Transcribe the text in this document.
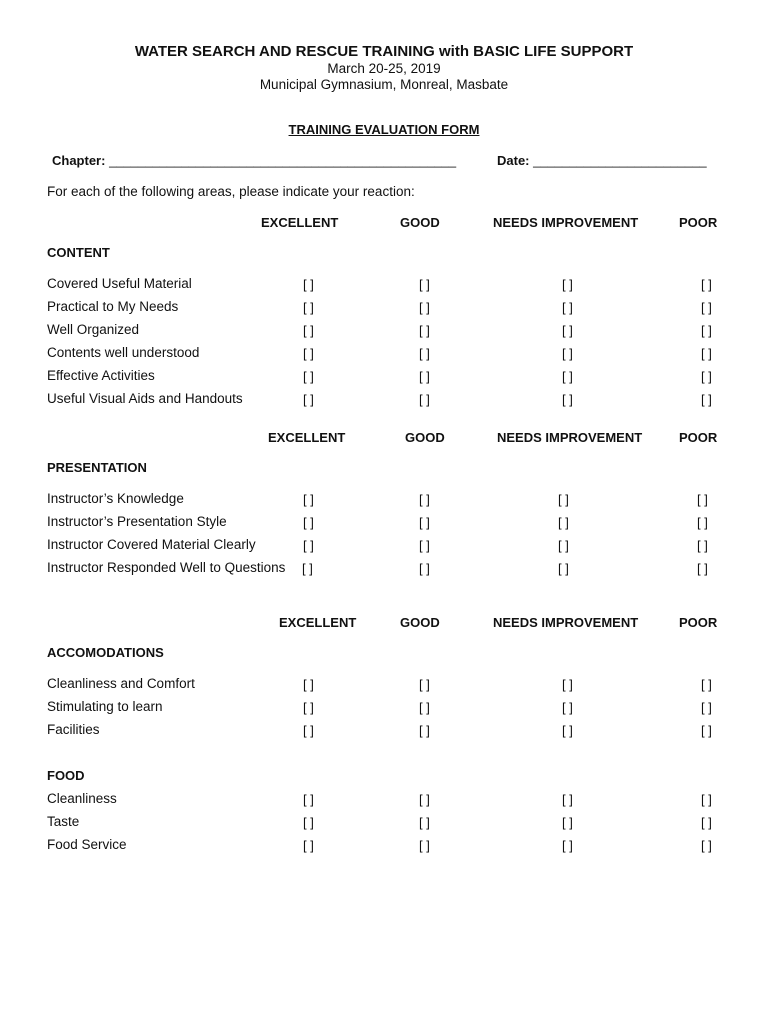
WATER SEARCH AND RESCUE TRAINING with BASIC LIFE SUPPORT
March 20-25, 2019
Municipal Gymnasium, Monreal, Masbate
TRAINING EVALUATION FORM
Chapter: ________________________________________________	Date: ________________________
For each of the following areas, please indicate your reaction:
EXCELLENT	GOOD	NEEDS IMPROVEMENT	POOR
CONTENT
Covered Useful Material	[ ]	[ ]	[ ]	[ ]
Practical to My Needs	[ ]	[ ]	[ ]	[ ]
Well Organized	[ ]	[ ]	[ ]	[ ]
Contents well understood	[ ]	[ ]	[ ]	[ ]
Effective Activities	[ ]	[ ]	[ ]	[ ]
Useful Visual Aids and Handouts	[ ]	[ ]	[ ]	[ ]
EXCELLENT	GOOD	NEEDS IMPROVEMENT	POOR
PRESENTATION
Instructor’s Knowledge	[ ]	[ ]	[ ]	[ ]
Instructor’s Presentation Style	[ ]	[ ]	[ ]	[ ]
Instructor Covered Material Clearly	[ ]	[ ]	[ ]	[ ]
Instructor Responded Well to Questions [ ]	[ ]	[ ]	[ ]
EXCELLENT	GOOD	NEEDS IMPROVEMENT	POOR
ACCOMODATIONS
Cleanliness and Comfort	[ ]	[ ]	[ ]	[ ]
Stimulating to learn	[ ]	[ ]	[ ]	[ ]
Facilities	[ ]	[ ]	[ ]	[ ]
FOOD
Cleanliness	[ ]	[ ]	[ ]	[ ]
Taste	[ ]	[ ]	[ ]	[ ]
Food Service	[ ]	[ ]	[ ]	[ ]
